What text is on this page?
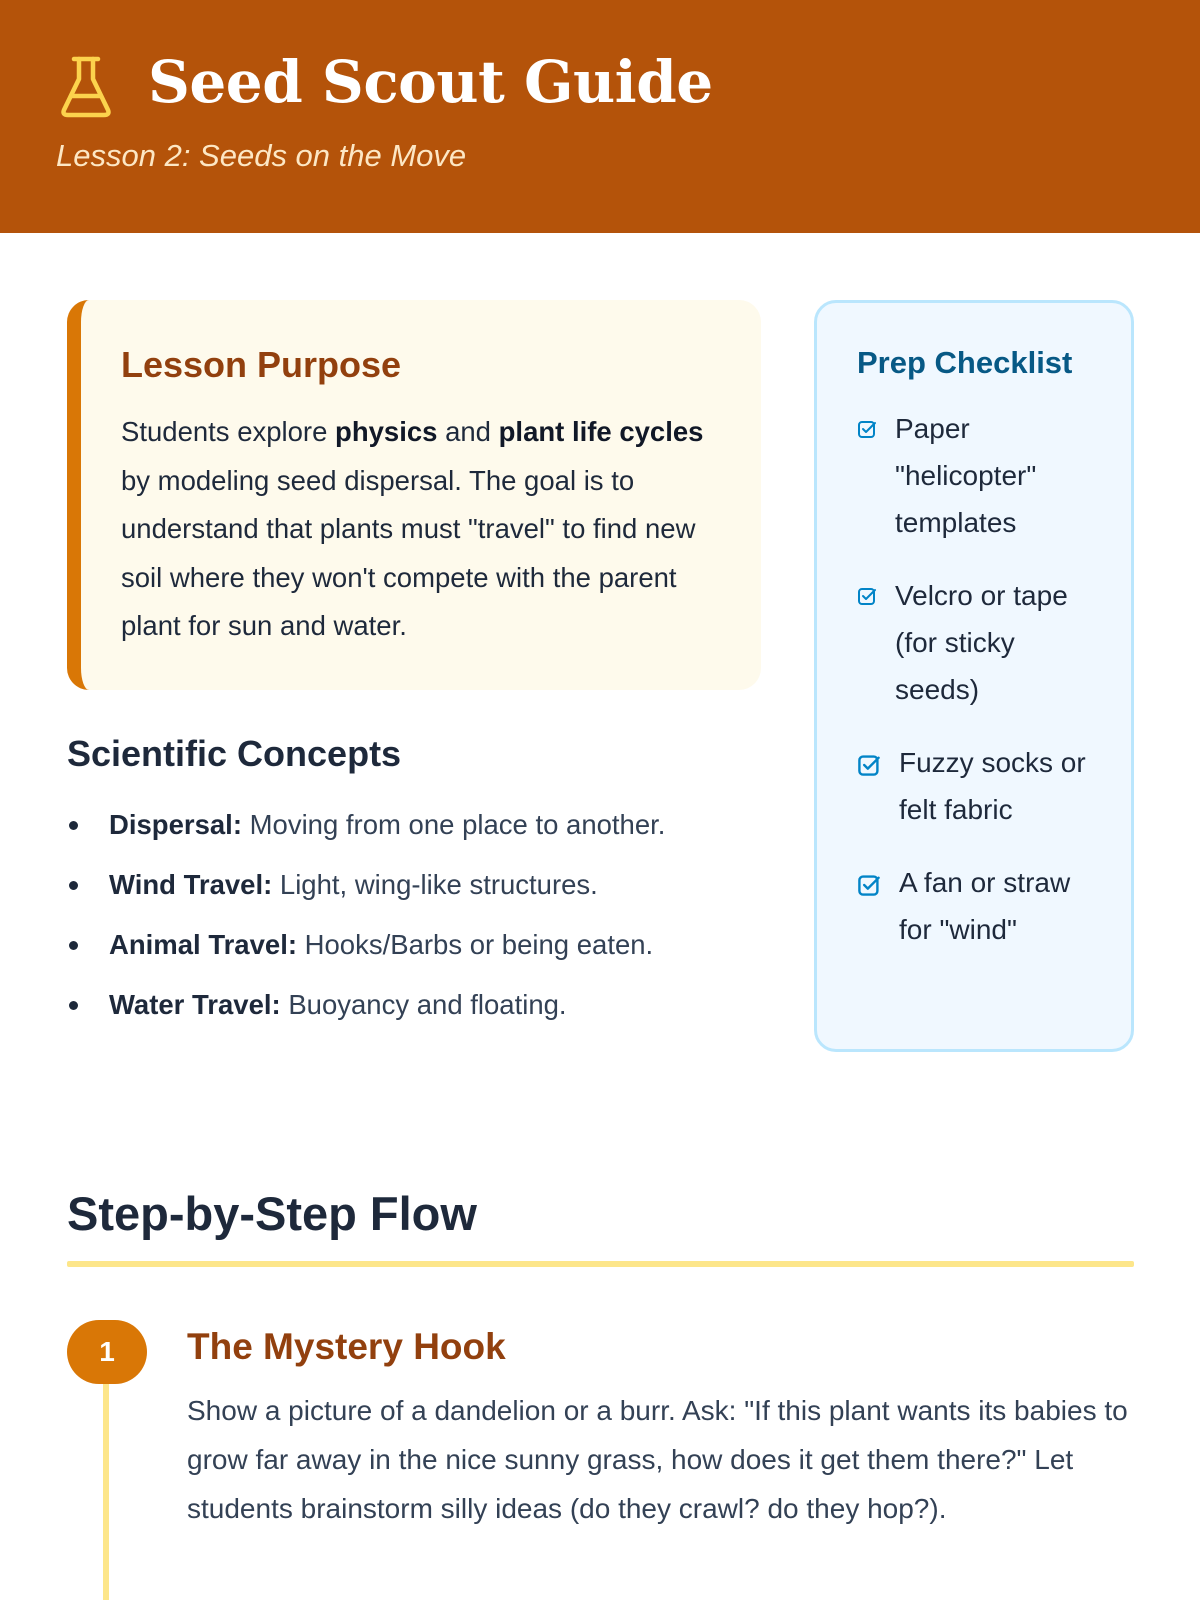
Seed Scout Guide
Lesson 2: Seeds on the Move
Lesson Purpose

Students explore physics and plant life cycles by modeling seed dispersal. The goal is to understand that plants must "travel" to find new soil where they won't compete with the parent plant for sun and water.

Scientific Concepts
Dispersal: Moving from one place to another.
Wind Travel: Light, wing-like structures.
Animal Travel: Hooks/Barbs or being eaten.
Water Travel: Buoyancy and floating.
Prep Checklist
Paper "helicopter" templates
Velcro or tape (for sticky seeds)
Fuzzy socks or felt fabric
A fan or straw for "wind"
Step-by-Step Flow
1	The Mystery Hook

Show a picture of a dandelion or a burr. Ask: "If this plant wants its babies to grow far away in the nice sunny grass, how does it get them there?" Let students brainstorm silly ideas (do they crawl? do they hop?).
